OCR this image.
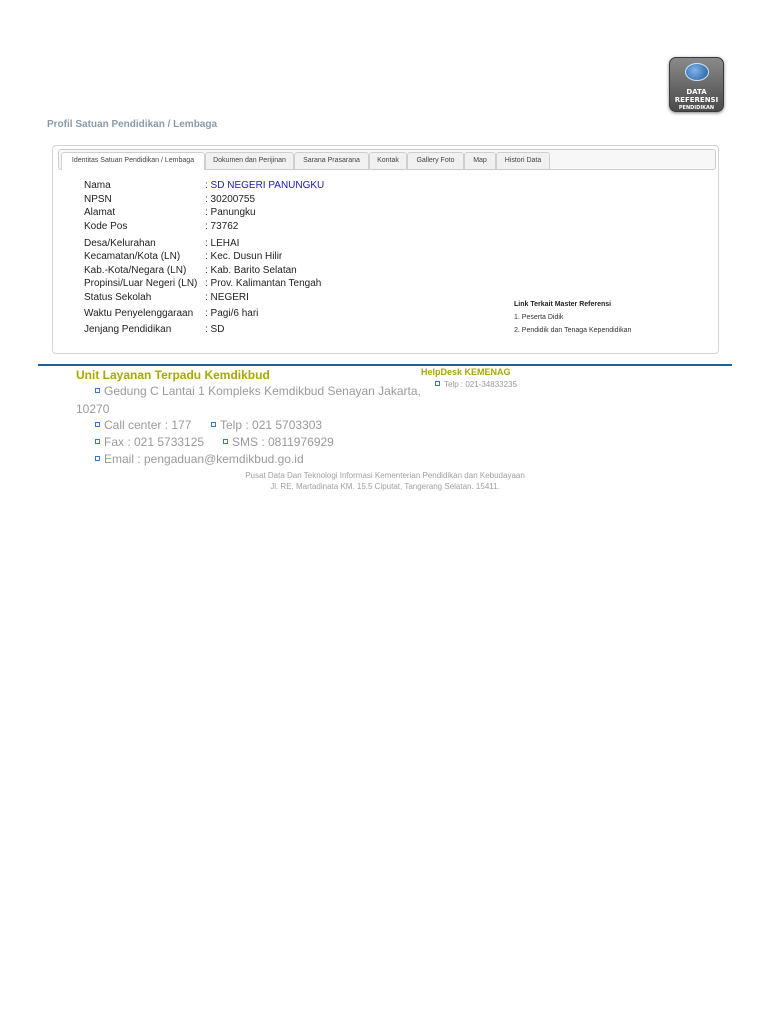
DATA
REFERENSI
PENDIDIKAN
Profil Satuan Pendidikan / Lembaga
Identitas Satuan Pendidikan / Lembaga	Dokumen dan Perijinan	Sarana Prasarana	Kontak	Gallery Foto	Map	Histori Data
Nama	: SD NEGERI PANUNGKU
NPSN	: 30200755
Alamat	: Panungku
Kode Pos	: 73762
Desa/Kelurahan	: LEHAI
Kecamatan/Kota (LN) : Kec. Dusun Hilir
Kab.-Kota/Negara (LN) : Kab. Barito Selatan
Propinsi/Luar Negeri (LN) : Prov. Kalimantan Tengah
Status Sekolah	: NEGERI
Waktu Penyelenggaraan : Pagi/6 hari
Jenjang Pendidikan	: SD
Link Terkait Master Referensi
1. Peserta Didik
2. Pendidik dan Tenaga Kependidikan
Unit Layanan Terpadu Kemdikbud	HelpDesk KEMENAG
Telp : 021-34833235
Gedung C Lantai 1 Kompleks Kemdikbud Senayan Jakarta,
10270
Call center : 177	Telp : 021 5703303
Fax : 021 5733125	SMS : 0811976929
Email : pengaduan@kemdikbud.go.id
Pusat Data Dan Teknologi Informasi Kementerian Pendidikan dan Kebudayaan
Jl. RE. Martadinata KM. 15.5 Ciputat, Tangerang Selatan. 15411.
